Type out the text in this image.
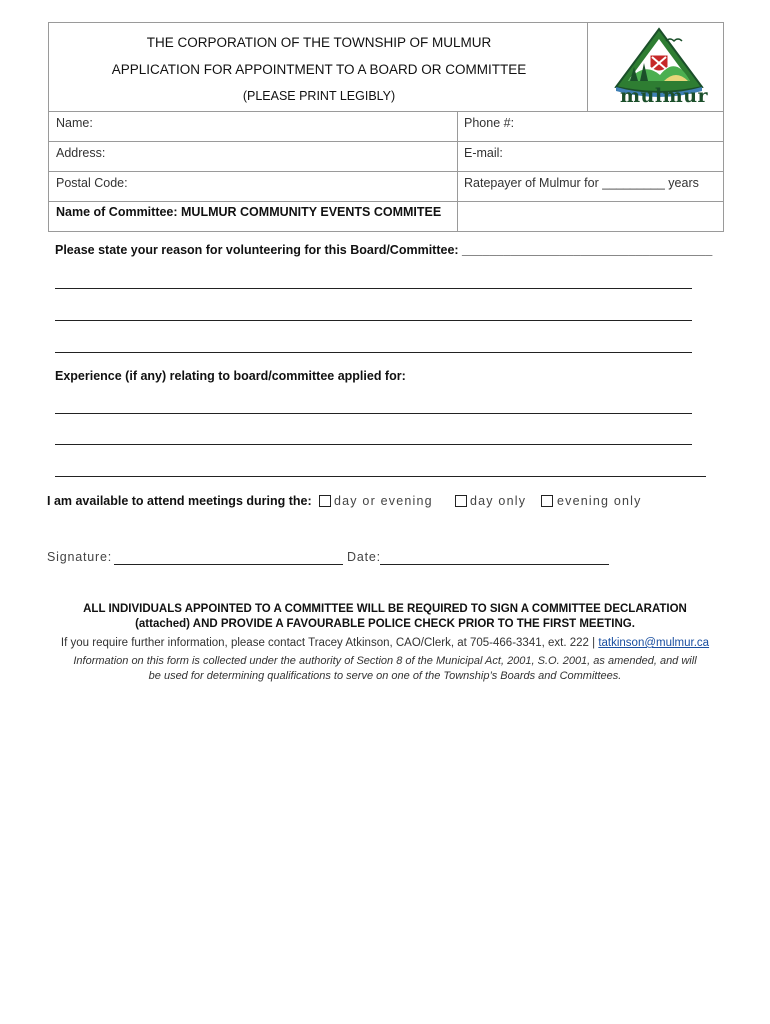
THE CORPORATION OF THE TOWNSHIP OF MULMUR
APPLICATION FOR APPOINTMENT TO A BOARD OR COMMITTEE
(PLEASE PRINT LEGIBLY)	mulmur
Name:	Phone #:
Address:	E-mail:
Postal Code:	Ratepayer of Mulmur for _________ years
Name of Committee: MULMUR COMMUNITY EVENTS COMMITEE
Please state your reason for volunteering for this Board/Committee: ____________________________________
Experience (if any) relating to board/committee applied for:
I am available to attend meetings during the: day or evening	day only evening only
Signature:	Date:
ALL INDIVIDUALS APPOINTED TO A COMMITTEE WILL BE REQUIRED TO SIGN A COMMITTEE DECLARATION
(attached) AND PROVIDE A FAVOURABLE POLICE CHECK PRIOR TO THE FIRST MEETING.
If you require further information, please contact Tracey Atkinson, CAO/Clerk, at 705-466-3341, ext. 222 | tatkinson@mulmur.ca
Information on this form is collected under the authority of Section 8 of the Municipal Act, 2001, S.O. 2001, as amended, and will
be used for determining qualifications to serve on one of the Township’s Boards and Committees.
